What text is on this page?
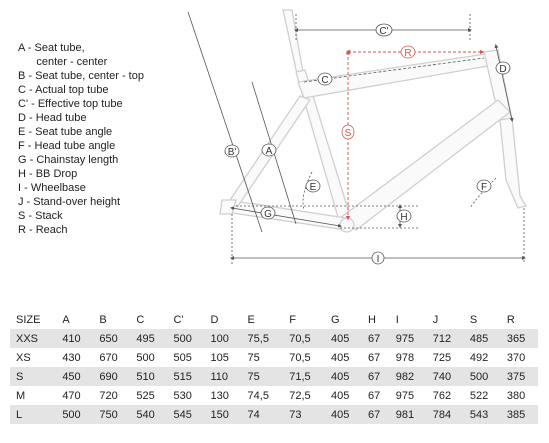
C'
R
C
D
S
B'	A
E	F
G	H
I
A - Seat tube,
center - center
B - Seat tube, center - top
C - Actual top tube
C' - Effective top tube
D - Head tube
E - Seat tube angle
F - Head tube angle
G - Chainstay length
H - BB Drop
I - Wheelbase
J - Stand-over height
S - Stack
R - Reach
SIZE	A	B	C	C'	D	E	F	G	H	I	J	S	R
XXS	410	650	495	500	100	75,5	70,5	405	67	975	712	485	365
XS	430	670	500	505	105	75	70,5	405	67	978	725	492	370
S	450	690	510	515	110	75	71,5	405	67	982	740	500	375
M	470	720	525	530	130	74,5	72,5	405	67	975	762	522	380
L	500	750	540	545	150	74	73	405	67	981	784	543	385
